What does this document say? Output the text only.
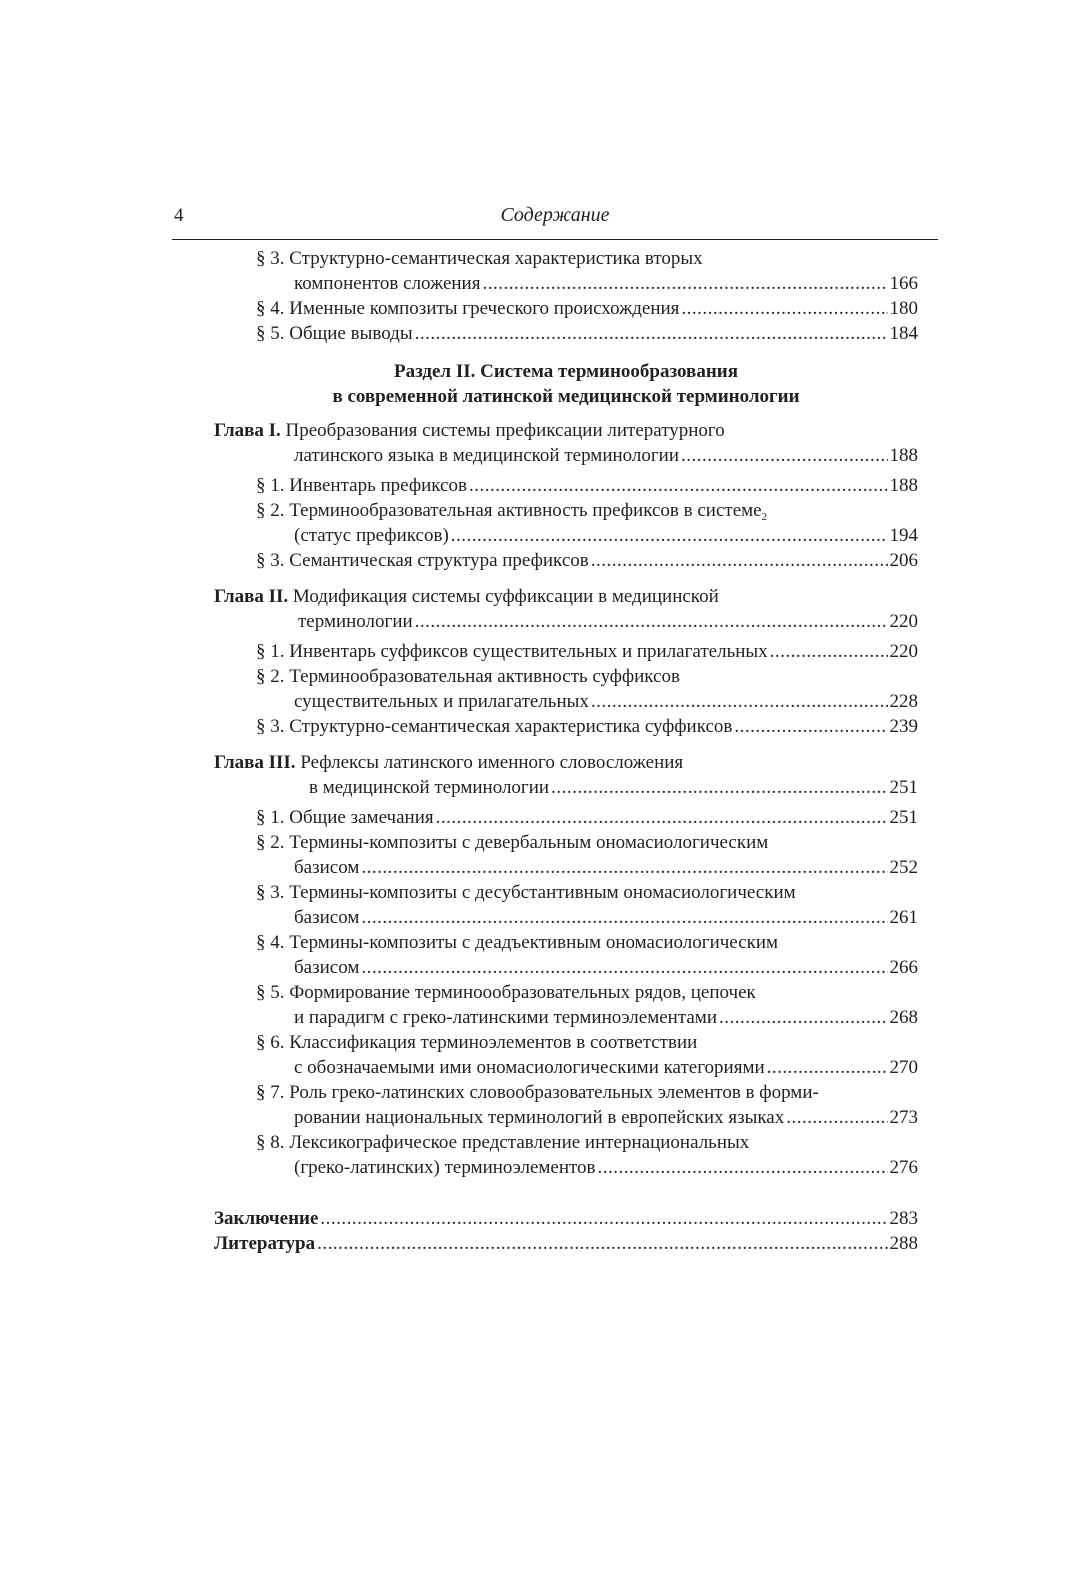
4	Содержание
§ 3. Структурно-семантическая характеристика вторых
компонентов сложения .....	166
§ 4. Именные композиты греческого происхождения .....	180
§ 5. Общие выводы .....	184
Раздел II. Система терминообразования
в современной латинской медицинской терминологии
Глава I. Преобразования системы префиксации литературного
латинского языка в медицинской терминологии .....	188
§ 1. Инвентарь префиксов .....	188
§ 2. Терминообразовательная активность префиксов в системе$_2$
(статус префиксов) .....	194
§ 3. Семантическая структура префиксов .....	206
Глава II. Модификация системы суффиксации в медицинской
терминологии .....	220
§ 1. Инвентарь суффиксов существительных и прилагательных .....	220
§ 2. Терминообразовательная активность суффиксов
существительных и прилагательных .....	228
§ 3. Структурно-семантическая характеристика суффиксов .....	239
Глава III. Рефлексы латинского именного словосложения
в медицинской терминологии .....	251
§ 1. Общие замечания .....	251
§ 2. Термины-композиты с девербальным ономасиологическим
базисом .....	252
§ 3. Термины-композиты с десубстантивным ономасиологическим
базисом .....	261
§ 4. Термины-композиты с деадъективным ономасиологическим
базисом .....	266
§ 5. Формирование терминоообразовательных рядов, цепочек
и парадигм с греко-латинскими терминоэлементами .....	268
§ 6. Классификация терминоэлементов в соответствии
с обозначаемыми ими ономасиологическими категориями .....	270
§ 7. Роль греко-латинских словообразовательных элементов в форми-
ровании национальных терминологий в европейских языках .....	273
§ 8. Лексикографическое представление интернациональных
(греко-латинских) терминоэлементов .....	276
Заключение .....	283
Литература .....	288
